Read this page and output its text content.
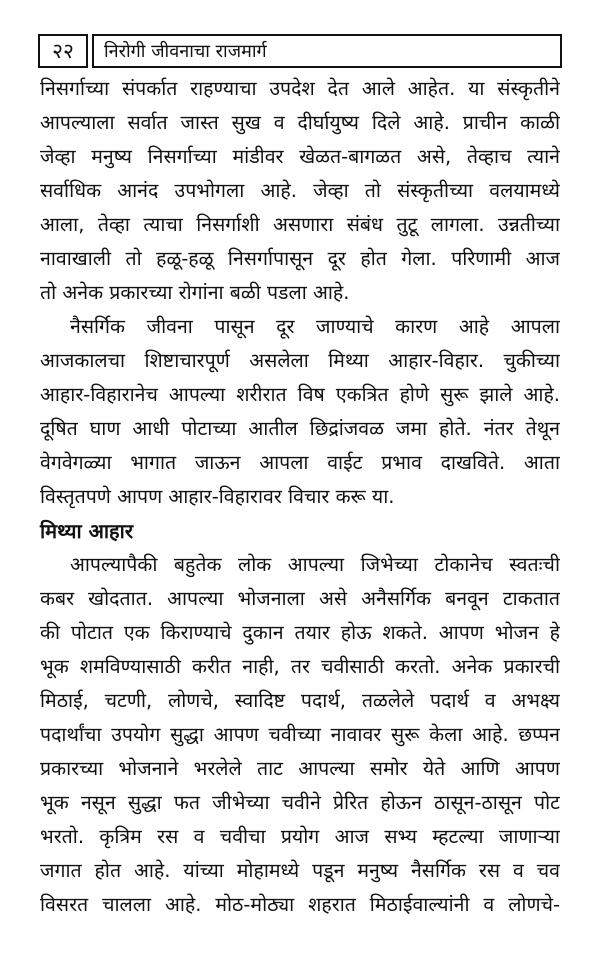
२२	निरोगी जीवनाचा राजमार्ग
निसर्गाच्या संपर्कात राहण्याचा उपदेश देत आले आहेत. या संस्कृतीने
आपल्याला सर्वात जास्त सुख व दीर्घायुष्य दिले आहे. प्राचीन काळी
जेव्हा मनुष्य निसर्गाच्या मांडीवर खेळत-बागळत असे, तेव्हाच त्याने
सर्वाधिक आनंद उपभोगला आहे. जेव्हा तो संस्कृतीच्या वलयामध्ये
आला, तेव्हा त्याचा निसर्गाशी असणारा संबंध तुटू लागला. उन्नतीच्या
नावाखाली तो हळू-हळू निसर्गापासून दूर होत गेला. परिणामी आज
तो अनेक प्रकारच्या रोगांना बळी पडला आहे.
नैसर्गिक जीवना पासून दूर जाण्याचे कारण आहे आपला
आजकालचा शिष्टाचारपूर्ण असलेला मिथ्या आहार-विहार. चुकीच्या
आहार-विहारानेच आपल्या शरीरात विष एकत्रित होणे सुरू झाले आहे.
दूषित घाण आधी पोटाच्या आतील छिद्रांजवळ जमा होते. नंतर तेथून
वेगवेगळ्या भागात जाऊन आपला वाईट प्रभाव दाखविते. आता
विस्तृतपणे आपण आहार-विहारावर विचार करू या.
मिथ्या आहार
आपल्यापैकी बहुतेक लोक आपल्या जिभेच्या टोकानेच स्वतःची
कबर खोदतात. आपल्या भोजनाला असे अनैसर्गिक बनवून टाकतात
की पोटात एक किराण्याचे दुकान तयार होऊ शकते. आपण भोजन हे
भूक शमविण्यासाठी करीत नाही, तर चवीसाठी करतो. अनेक प्रकारची
मिठाई, चटणी, लोणचे, स्वादिष्ट पदार्थ, तळलेले पदार्थ व अभक्ष्य
पदार्थांचा उपयोग सुद्धा आपण चवीच्या नावावर सुरू केला आहे. छप्पन
प्रकारच्या भोजनाने भरलेले ताट आपल्या समोर येते आणि आपण
भूक नसून सुद्धा फत जीभेच्या चवीने प्रेरित होऊन ठासून-ठासून पोट
भरतो. कृत्रिम रस व चवीचा प्रयोग आज सभ्य म्हटल्या जाणाऱ्या
जगात होत आहे. यांच्या मोहामध्ये पडून मनुष्य नैसर्गिक रस व चव
विसरत चालला आहे. मोठ-मोठ्या शहरात मिठाईवाल्यांनी व लोणचे-
